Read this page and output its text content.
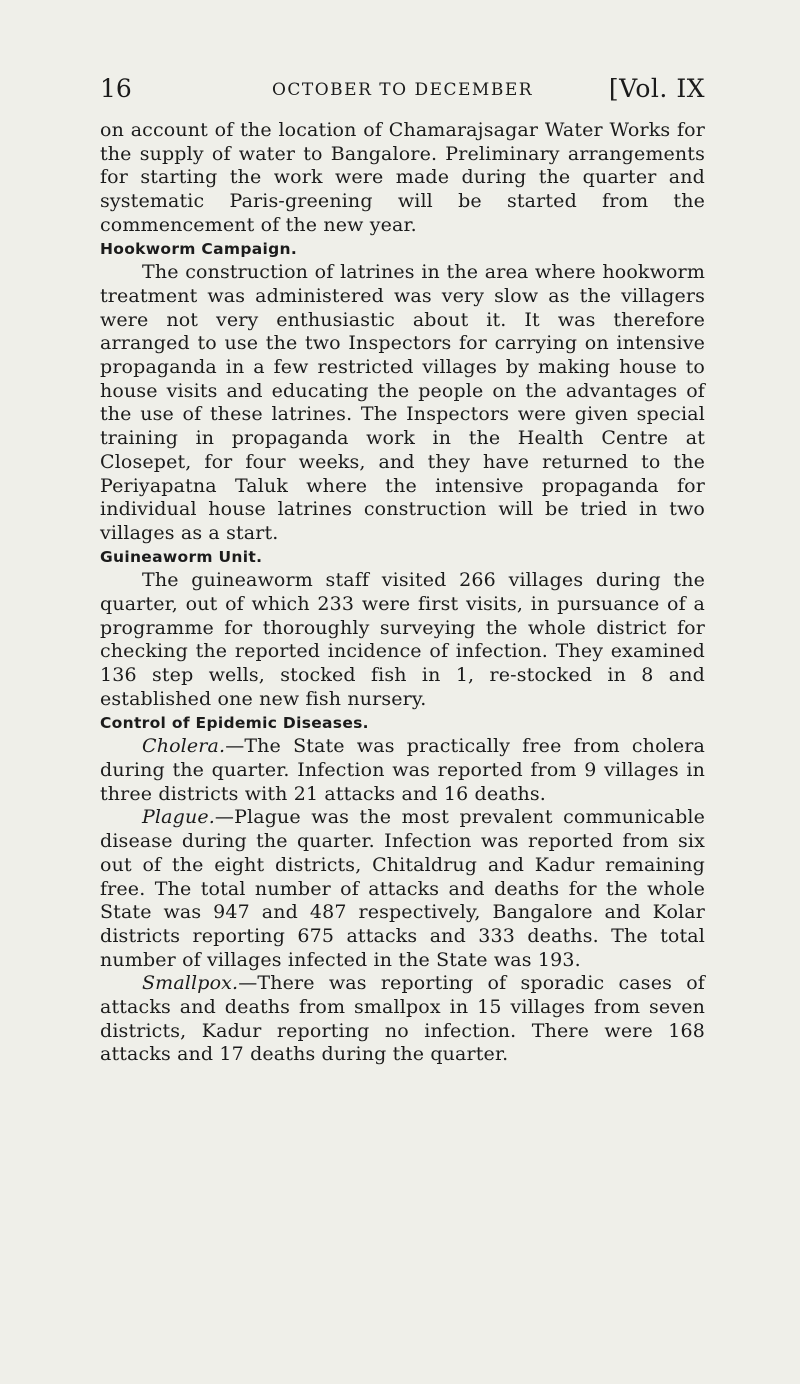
16	OCTOBER TO DECEMBER	[Vol. IX

on account of the location of Chamarajsagar Water Works for the supply of water to Bangalore. Preliminary arrangements for starting the work were made during the quarter and systematic Paris-greening will be started from the commencement of the new year.

Hookworm Campaign.

The construction of latrines in the area where hookworm treatment was administered was very slow as the villagers were not very enthusiastic about it. It was therefore arranged to use the two Inspectors for carrying on intensive propaganda in a few restricted villages by making house to house visits and educating the people on the advantages of the use of these latrines. The Inspectors were given special training in propaganda work in the Health Centre at Closepet, for four weeks, and they have returned to the Periyapatna Taluk where the intensive propaganda for individual house latrines construction will be tried in two villages as a start.

Guineaworm Unit.

The guineaworm staff visited 266 villages during the quarter, out of which 233 were first visits, in pursuance of a programme for thoroughly surveying the whole district for checking the reported incidence of infection. They examined 136 step wells, stocked fish in 1, re-stocked in 8 and established one new fish nursery.

Control of Epidemic Diseases.

Cholera.—The State was practically free from cholera during the quarter. Infection was reported from 9 villages in three districts with 21 attacks and 16 deaths.

Plague.—Plague was the most prevalent communicable disease during the quarter. Infection was reported from six out of the eight districts, Chitaldrug and Kadur remaining free. The total number of attacks and deaths for the whole State was 947 and 487 respectively, Bangalore and Kolar districts reporting 675 attacks and 333 deaths. The total number of villages infected in the State was 193.

Smallpox.—There was reporting of sporadic cases of attacks and deaths from smallpox in 15 villages from seven districts, Kadur reporting no infection. There were 168 attacks and 17 deaths during the quarter.
